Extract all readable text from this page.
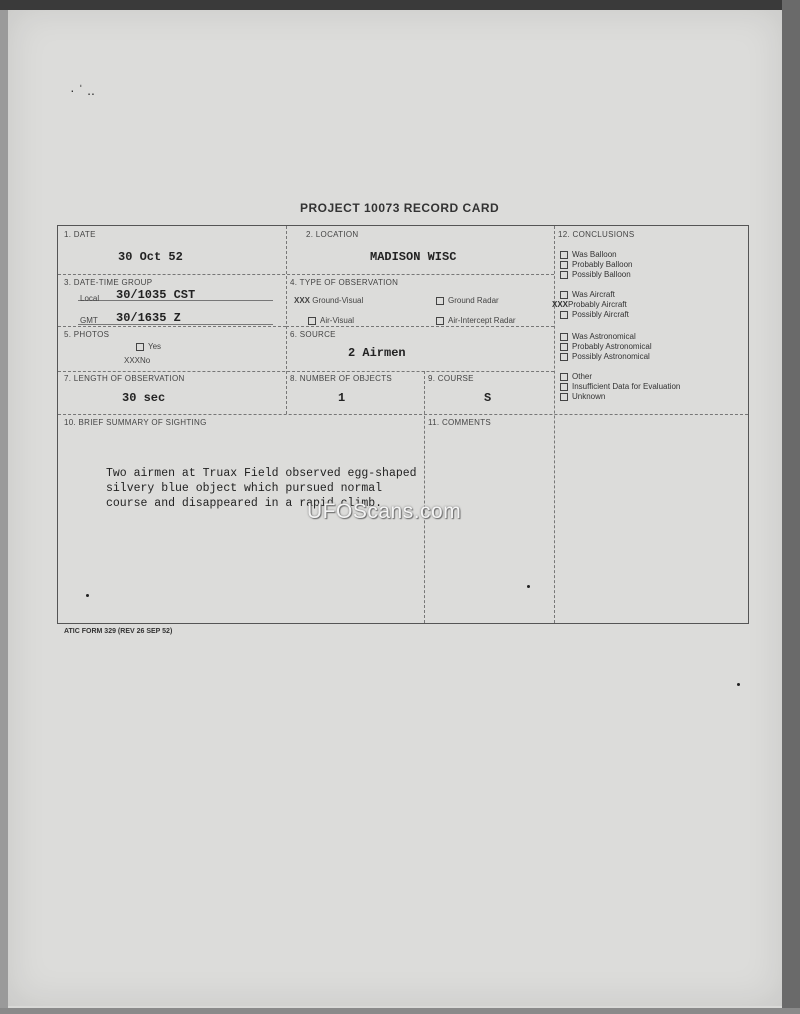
· ˈ ..
PROJECT 10073 RECORD CARD
1. DATE
30 Oct 52
2. LOCATION
MADISON WISC
3. DATE-TIME GROUP
Local 30/1035 CST
GMT 30/1635 Z
4. TYPE OF OBSERVATION
XXX Ground-Visual	Ground Radar
Air-Visual	Air-Intercept Radar
5. PHOTOS
Yes
XXXNo
6. SOURCE
2 Airmen
7. LENGTH OF OBSERVATION
30 sec
8. NUMBER OF OBJECTS
1
9. COURSE
S
10. BRIEF SUMMARY OF SIGHTING
Two airmen at Truax Field observed egg-shaped silvery blue object which pursued normal course and disappeared in a rapid climb.
11. COMMENTS
12. CONCLUSIONS
Was Balloon
Probably Balloon
Possibly Balloon
Was Aircraft
XXXProbably Aircraft
Possibly Aircraft
Was Astronomical
Probably Astronomical
Possibly Astronomical
Other
Insufficient Data for Evaluation
Unknown
UFOScans.com
ATIC FORM 329 (REV 26 SEP 52)
